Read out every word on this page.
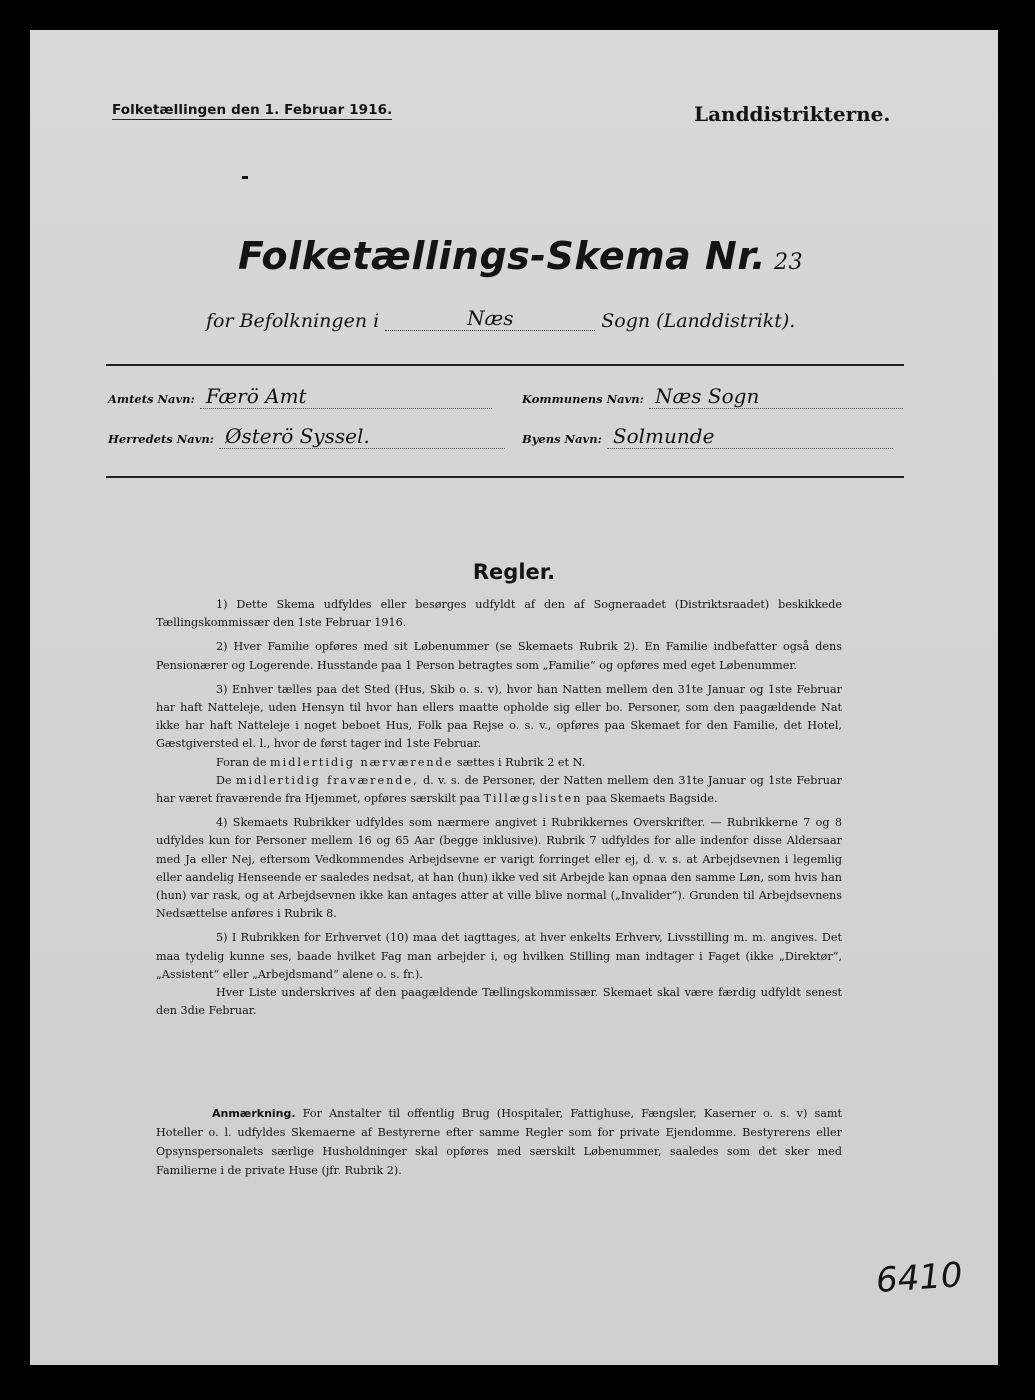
Folketællingen den 1. Februar 1916.	Landdistrikterne.
Folketællings-Skema Nr. 23
for Befolkningen i	Næs	Sogn (Landdistrikt).
Amtets Navn: Færö Amt	Kommunens Navn: Næs Sogn
Herredets Navn: Østerö Syssel.	Byens Navn: Solmunde
Regler.

1) Dette Skema udfyldes eller besørges udfyldt af den af Sogneraadet (Distriktsraadet) beskikkede Tællingskommissær den 1ste Februar 1916.

2) Hver Familie opføres med sit Løbenummer (se Skemaets Rubrik 2). En Familie indbefatter også dens Pensionærer og Logerende. Husstande paa 1 Person betragtes som „Familie“ og opføres med eget Løbenummer.

3) Enhver tælles paa det Sted (Hus, Skib o. s. v), hvor han Natten mellem den 31te Januar og 1ste Februar har haft Natteleje, uden Hensyn til hvor han ellers maatte opholde sig eller bo. Personer, som den paagældende Nat ikke har haft Natteleje i noget beboet Hus, Folk paa Rejse o. s. v., opføres paa Skemaet for den Familie, det Hotel, Gæstgiversted el. l., hvor de først tager ind 1ste Februar.

Foran de midlertidig nærværende sættes i Rubrik 2 et N.

De midlertidig fraværende, d. v. s. de Personer, der Natten mellem den 31te Januar og 1ste Februar har været fraværende fra Hjemmet, opføres særskilt paa Tillægslisten paa Skemaets Bagside.

4) Skemaets Rubrikker udfyldes som nærmere angivet i Rubrikkernes Overskrifter. — Rubrikkerne 7 og 8 udfyldes kun for Personer mellem 16 og 65 Aar (begge inklusive). Rubrik 7 udfyldes for alle indenfor disse Aldersaar med Ja eller Nej, eftersom Vedkommendes Arbejdsevne er varigt forringet eller ej, d. v. s. at Arbejdsevnen i legemlig eller aandelig Henseende er saaledes nedsat, at han (hun) ikke ved sit Arbejde kan opnaa den samme Løn, som hvis han (hun) var rask, og at Arbejdsevnen ikke kan antages atter at ville blive normal („Invalider“). Grunden til Arbejdsevnens Nedsættelse anføres i Rubrik 8.

5) I Rubrikken for Erhvervet (10) maa det iagttages, at hver enkelts Erhverv, Livsstilling m. m. angives. Det maa tydelig kunne ses, baade hvilket Fag man arbejder i, og hvilken Stilling man indtager i Faget (ikke „Direktør“, „Assistent“ eller „Arbejdsmand“ alene o. s. fr.).

Hver Liste underskrives af den paagældende Tællingskommissær. Skemaet skal være færdig udfyldt senest den 3die Februar.

Anmærkning. For Anstalter til offentlig Brug (Hospitaler, Fattighuse, Fængsler, Kaserner o. s. v) samt Hoteller o. l. udfyldes Skemaerne af Bestyrerne efter samme Regler som for private Ejendomme. Bestyrerens eller Opsynspersonalets særlige Husholdninger skal opføres med særskilt Løbenummer, saaledes som det sker med Familierne i de private Huse (jfr. Rubrik 2).

6410
